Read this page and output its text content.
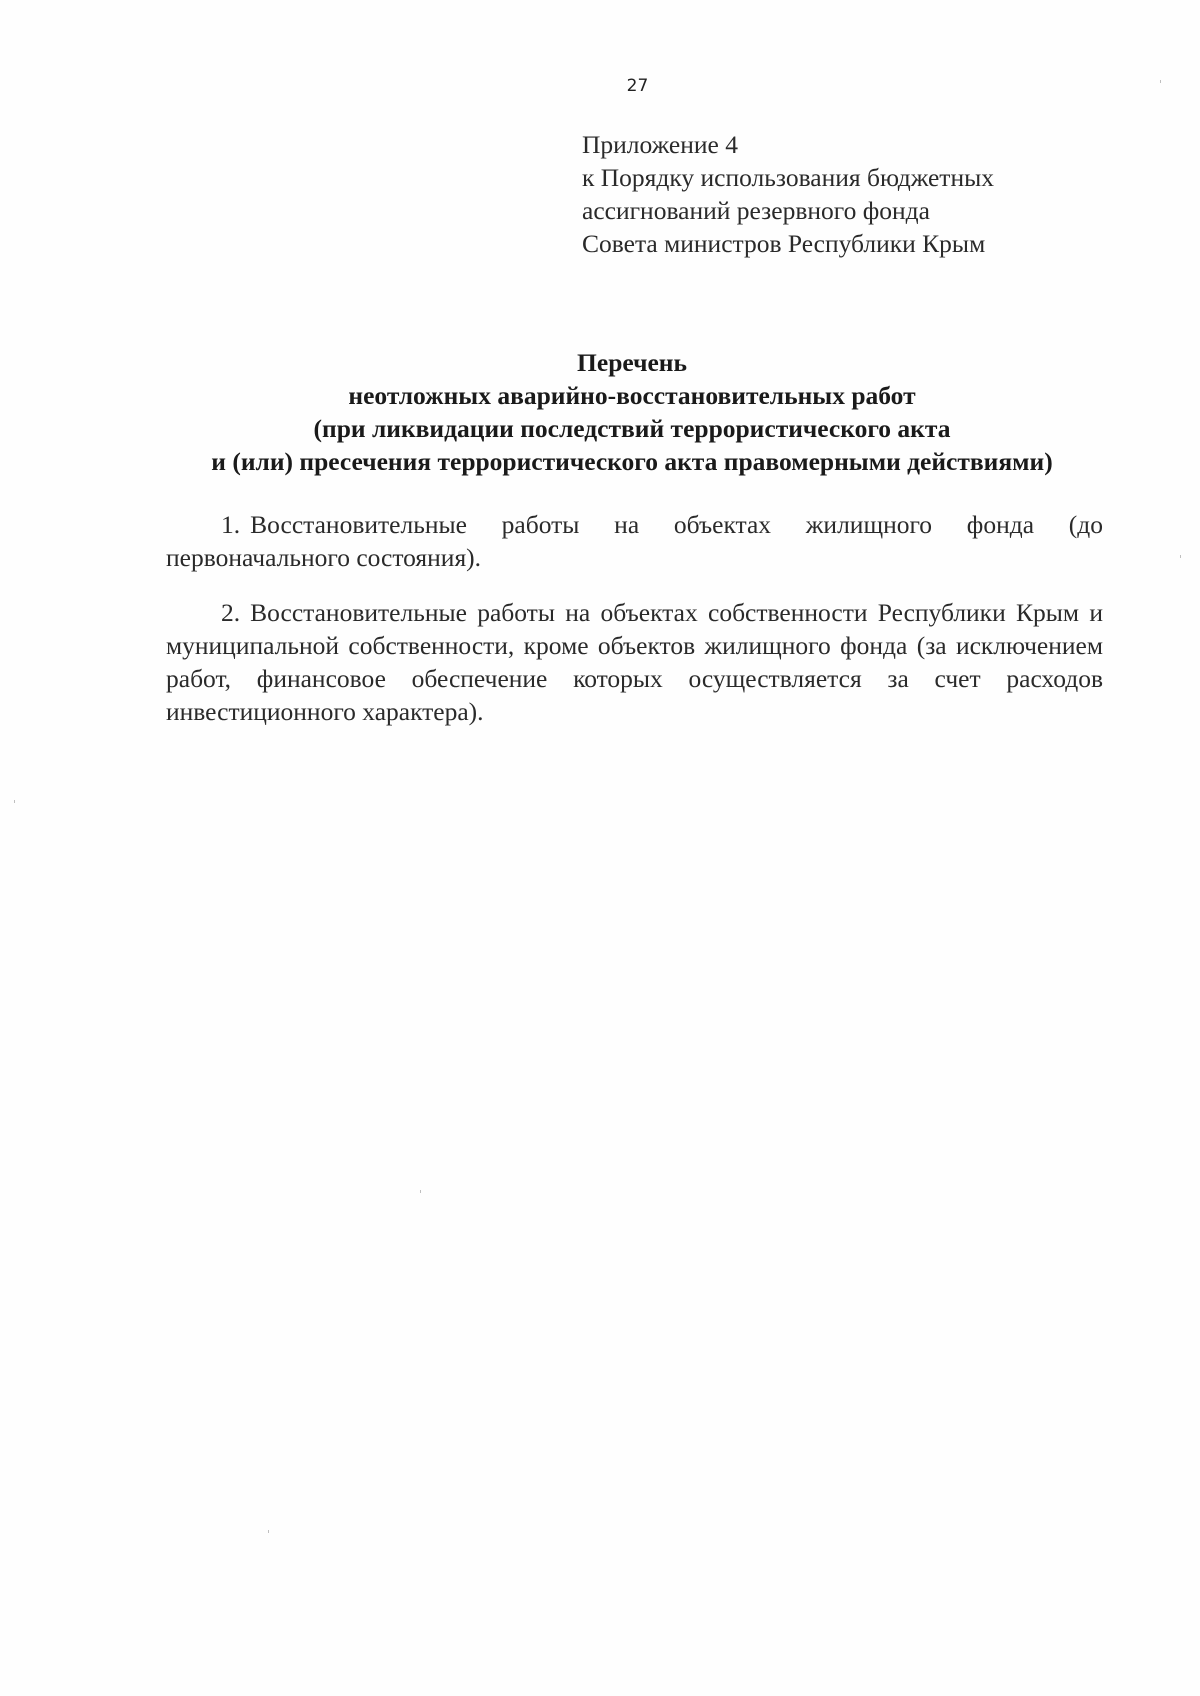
27
Приложение 4
к Порядку использования бюджетных
ассигнований резервного фонда
Совета министров Республики Крым
Перечень
неотложных аварийно-восстановительных работ
(при ликвидации последствий террористического акта
и (или) пресечения террористического акта правомерными действиями)

1. Восстановительные работы на объектах жилищного фонда (до первоначального состояния).

2. Восстановительные работы на объектах собственности Республики Крым и муниципальной собственности, кроме объектов жилищного фонда (за исключением работ, финансовое обеспечение которых осуществляется за счет расходов инвестиционного характера).
